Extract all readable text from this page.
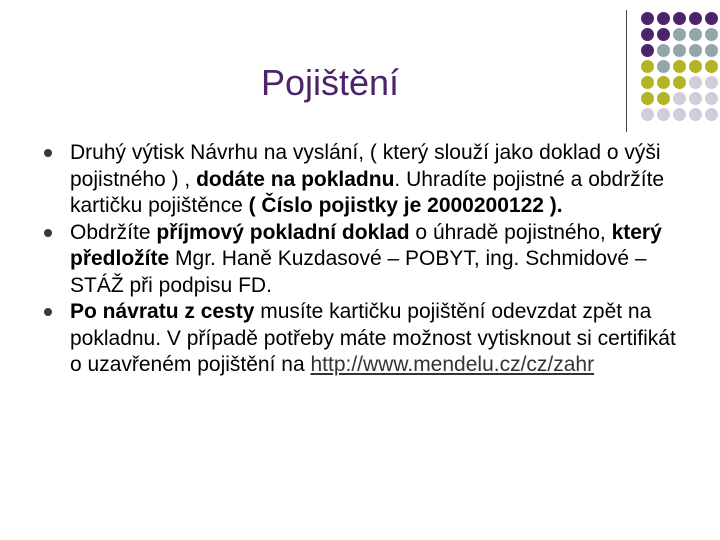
Pojištění
Druhý výtisk Návrhu na vyslání, ( který slouží jako doklad o výši pojistného ) , dodáte na pokladnu. Uhradíte pojistné a obdržíte kartičku pojištěnce ( Číslo pojistky je 2000200122 ).
Obdržíte příjmový pokladní doklad o úhradě pojistného, který předložíte Mgr. Haně Kuzdasové – POBYT, ing. Schmidové – STÁŽ při podpisu FD.
Po návratu z cesty musíte kartičku pojištění odevzdat zpět na pokladnu. V případě potřeby máte možnost vytisknout si certifikát o uzavřeném pojištění na http://www.mendelu.cz/cz/zahr
